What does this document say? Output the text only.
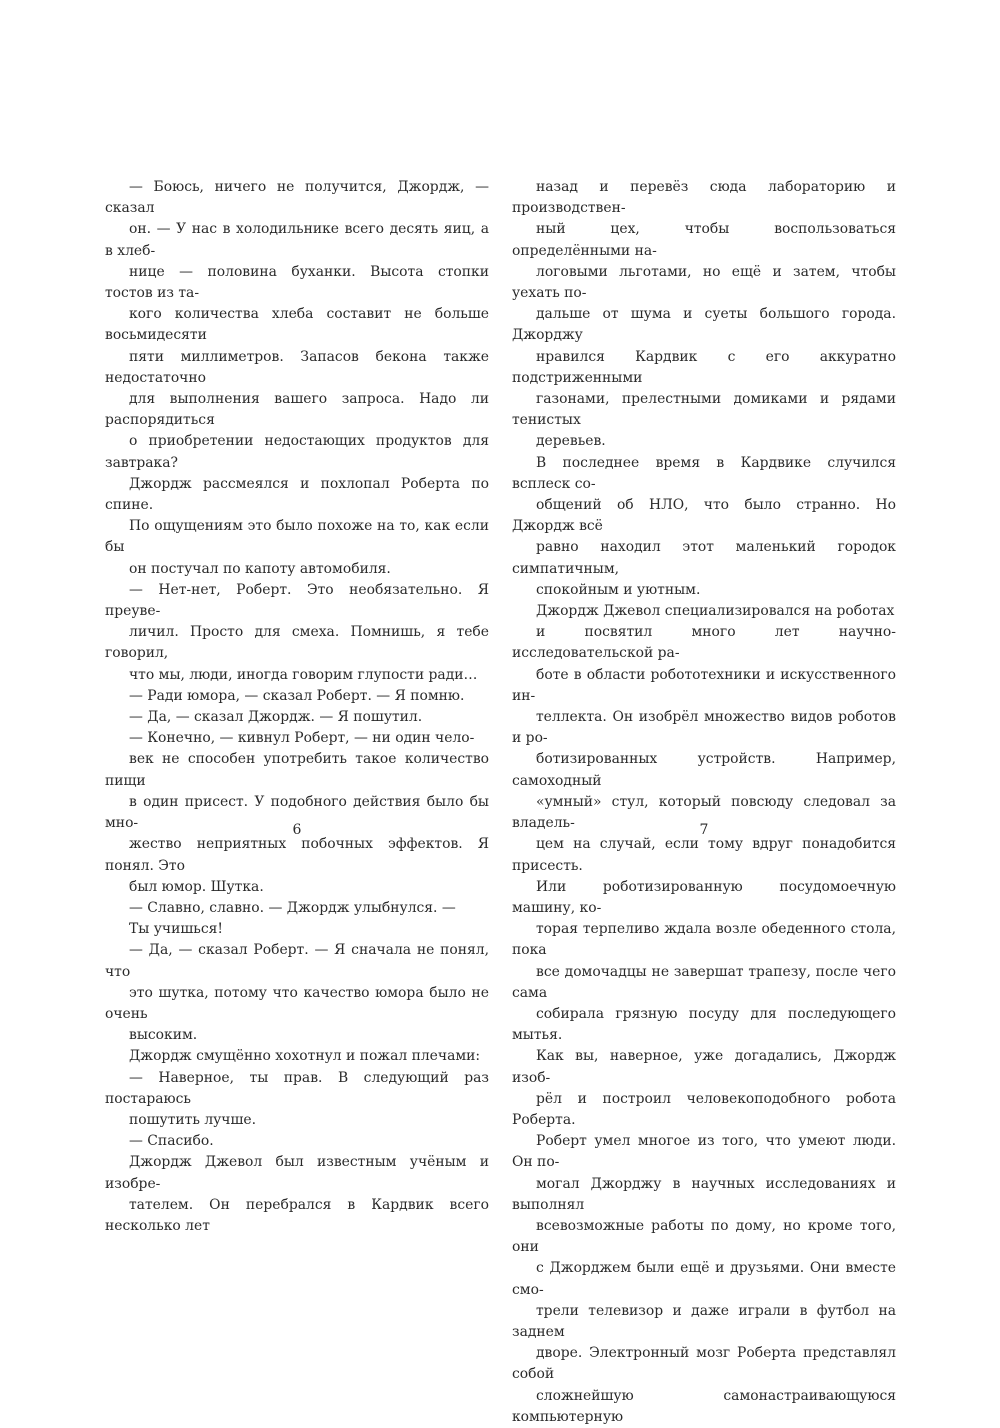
— Боюсь, ничего не получится, Джордж, — сказал

он. — У нас в холодильнике всего десять яиц, а в хлеб-

нице — половина буханки. Высота стопки тостов из та-

кого количества хлеба составит не больше восьмидесяти

пяти миллиметров. Запасов бекона также недостаточно

для выполнения вашего запроса. Надо ли распорядиться

о приобретении недостающих продуктов для завтрака?

Джордж рассмеялся и похлопал Роберта по спине.

По ощущениям это было похоже на то, как если бы

он постучал по капоту автомобиля.

— Нет-нет, Роберт. Это необязательно. Я преуве-

личил. Просто для смеха. Помнишь, я тебе говорил,

что мы, люди, иногда говорим глупости ради…

— Ради юмора, — сказал Роберт. — Я помню.

— Да, — сказал Джордж. — Я пошутил.

— Конечно, — кивнул Роберт, — ни один чело-

век не способен употребить такое количество пищи

в один присест. У подобного действия было бы мно-

жество неприятных побочных эффектов. Я понял. Это

был юмор. Шутка.

— Славно, славно. — Джордж улыбнулся. —

Ты учишься!

— Да, — сказал Роберт. — Я сначала не понял, что

это шутка, потому что качество юмора было не очень

высоким.

Джордж смущённо хохотнул и пожал плечами:

— Наверное, ты прав. В следующий раз постараюсь

пошутить лучше.

— Спасибо.

Джордж Джевол был известным учёным и изобре-

тателем. Он перебрался в Кардвик всего несколько лет

назад и перевёз сюда лабораторию и производствен-

ный цех, чтобы воспользоваться определёнными на-

логовыми льготами, но ещё и затем, чтобы уехать по-

дальше от шума и суеты большого города. Джорджу

нравился Кардвик с его аккуратно подстриженными

газонами, прелестными домиками и рядами тенистых

деревьев.

В последнее время в Кардвике случился всплеск со-

общений об НЛО, что было странно. Но Джордж всё

равно находил этот маленький городок симпатичным,

спокойным и уютным.

Джордж Джевол специализировался на роботах

и посвятил много лет научно-исследовательской ра-

боте в области робототехники и искусственного ин-

теллекта. Он изобрёл множество видов роботов и ро-

ботизированных устройств. Например, самоходный

«умный» стул, который повсюду следовал за владель-

цем на случай, если тому вдруг понадобится присесть.

Или роботизированную посудомоечную машину, ко-

торая терпеливо ждала возле обеденного стола, пока

все домочадцы не завершат трапезу, после чего сама

собирала грязную посуду для последующего мытья.

Как вы, наверное, уже догадались, Джордж изоб-

рёл и построил человекоподобного робота Роберта.

Роберт умел многое из того, что умеют люди. Он по-

могал Джорджу в научных исследованиях и выполнял

всевозможные работы по дому, но кроме того, они

с Джорджем были ещё и друзьями. Они вместе смо-

трели телевизор и даже играли в футбол на заднем

дворе. Электронный мозг Роберта представлял собой

сложнейшую самонастраивающуюся компьютерную

6	7
